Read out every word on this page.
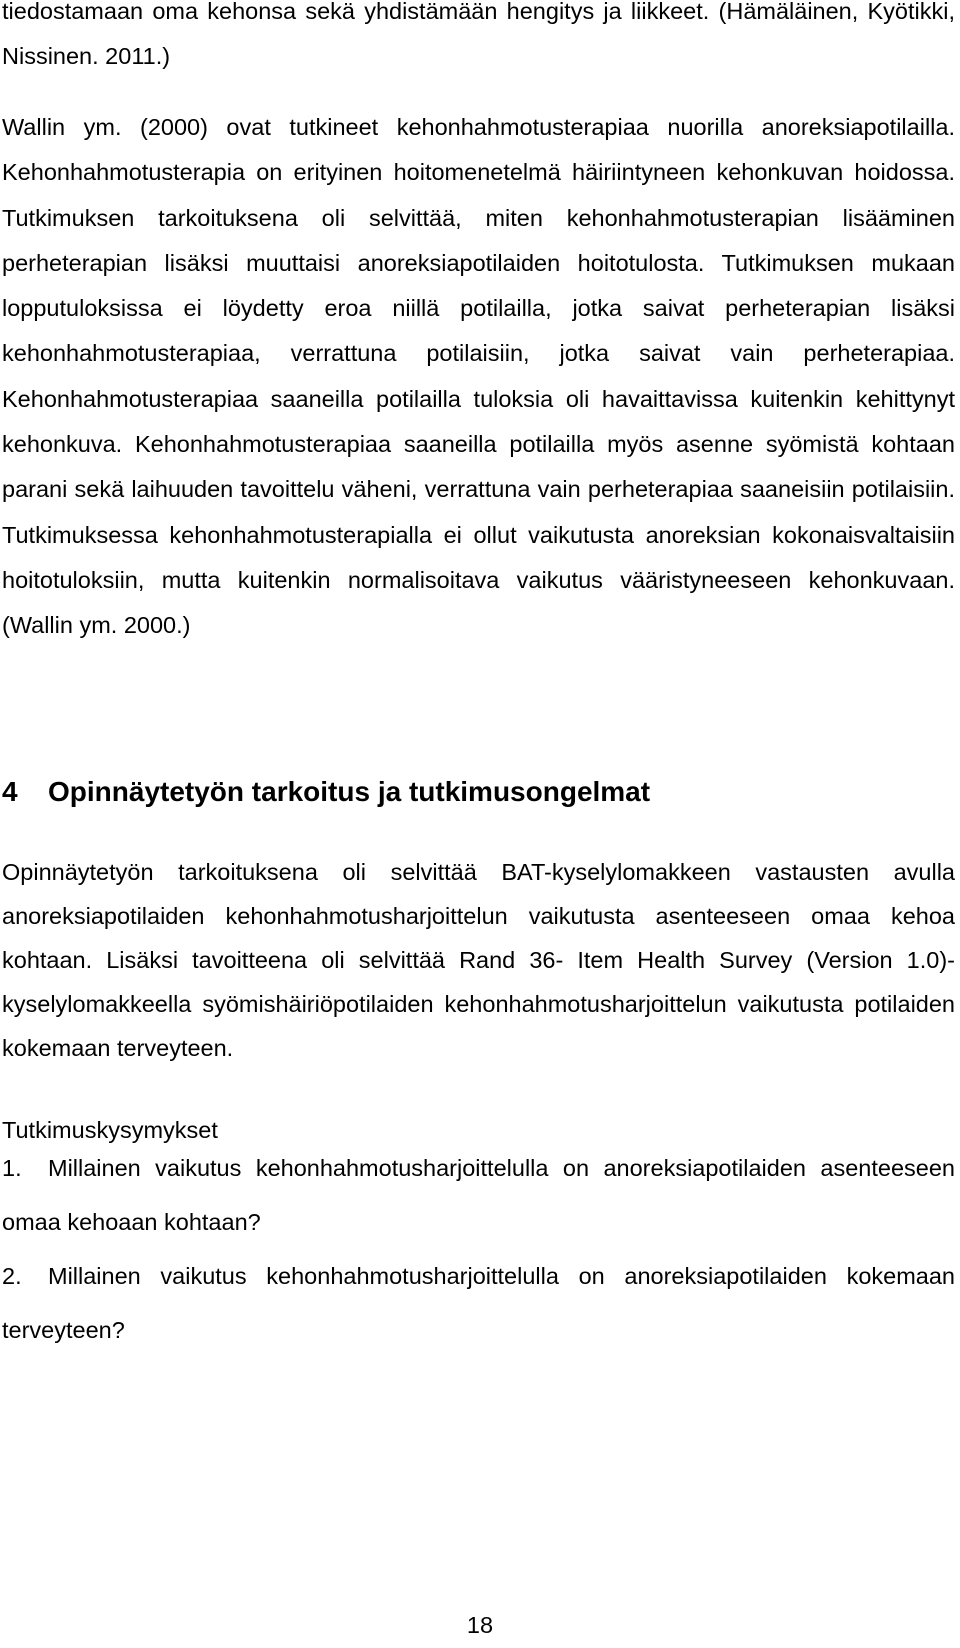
tiedostamaan oma kehonsa sekä yhdistämään hengitys ja liikkeet. (Hämäläinen, Kyötikki, Nissinen. 2011.)

Wallin ym. (2000) ovat tutkineet kehonhahmotusterapiaa nuorilla anoreksiapotilailla. Kehonhahmotusterapia on erityinen hoitomenetelmä häiriintyneen kehonkuvan hoidossa. Tutkimuksen tarkoituksena oli selvittää, miten kehonhahmotusterapian lisääminen perheterapian lisäksi muuttaisi anoreksiapotilaiden hoitotulosta. Tutkimuksen mukaan lopputuloksissa ei löydetty eroa niillä potilailla, jotka saivat perheterapian lisäksi kehonhahmotusterapiaa, verrattuna potilaisiin, jotka saivat vain perheterapiaa. Kehonhahmotusterapiaa saaneilla potilailla tuloksia oli havaittavissa kuitenkin kehittynyt kehonkuva. Kehonhahmotusterapiaa saaneilla potilailla myös asenne syömistä kohtaan parani sekä laihuuden tavoittelu väheni, verrattuna vain perheterapiaa saaneisiin potilaisiin. Tutkimuksessa kehonhahmotusterapialla ei ollut vaikutusta anoreksian kokonaisvaltaisiin hoitotuloksiin, mutta kuitenkin normalisoitava vaikutus vääristyneeseen kehonkuvaan. (Wallin ym. 2000.)

4 Opinnäytetyön tarkoitus ja tutkimusongelmat

Opinnäytetyön tarkoituksena oli selvittää BAT-kyselylomakkeen vastausten avulla anoreksiapotilaiden kehonhahmotusharjoittelun vaikutusta asenteeseen omaa kehoa kohtaan. Lisäksi tavoitteena oli selvittää Rand 36- Item Health Survey (Version 1.0)- kyselylomakkeella syömishäiriöpotilaiden kehonhahmotusharjoittelun vaikutusta potilaiden kokemaan terveyteen.

Tutkimuskysymykset

1. Millainen vaikutus kehonhahmotusharjoittelulla on anoreksiapotilaiden asenteeseen omaa kehoaan kohtaan?

2. Millainen vaikutus kehonhahmotusharjoittelulla on anoreksiapotilaiden kokemaan terveyteen?

18
